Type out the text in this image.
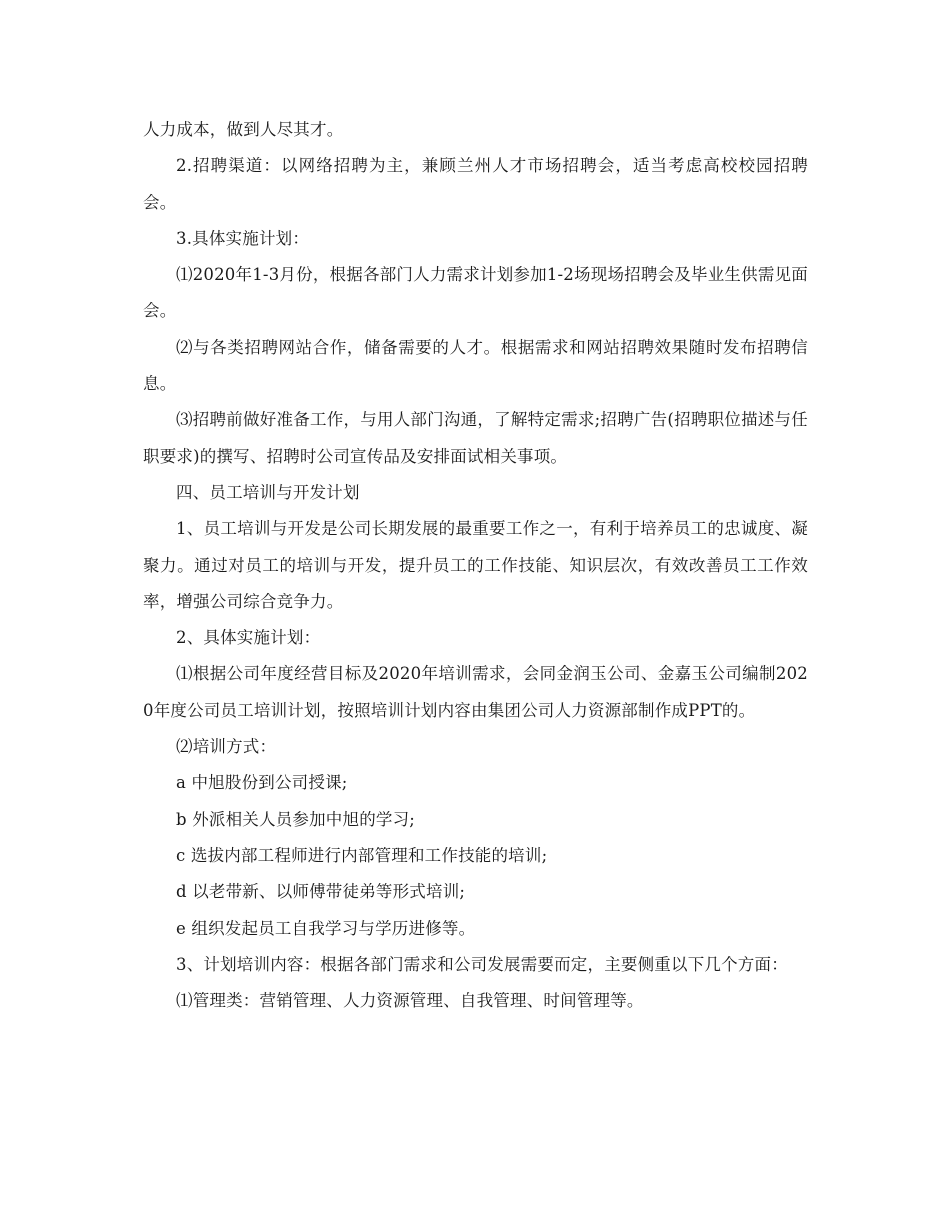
人力成本，做到人尽其才。

2.招聘渠道：以网络招聘为主，兼顾兰州人才市场招聘会，适当考虑高校校园招聘会。

3.具体实施计划：

⑴2020年1-3月份，根据各部门人力需求计划参加1-2场现场招聘会及毕业生供需见面会。

⑵与各类招聘网站合作，储备需要的人才。根据需求和网站招聘效果随时发布招聘信息。

⑶招聘前做好准备工作，与用人部门沟通，了解特定需求;招聘广告(招聘职位描述与任职要求)的撰写、招聘时公司宣传品及安排面试相关事项。

四、员工培训与开发计划

1、员工培训与开发是公司长期发展的最重要工作之一，有利于培养员工的忠诚度、凝聚力。通过对员工的培训与开发，提升员工的工作技能、知识层次，有效改善员工工作效率，增强公司综合竞争力。

2、具体实施计划：

⑴根据公司年度经营目标及2020年培训需求，会同金润玉公司、金嘉玉公司编制2020年度公司员工培训计划，按照培训计划内容由集团公司人力资源部制作成PPT的。

⑵培训方式：

a 中旭股份到公司授课;

b 外派相关人员参加中旭的学习;

c 选拔内部工程师进行内部管理和工作技能的培训;

d 以老带新、以师傅带徒弟等形式培训;

e 组织发起员工自我学习与学历进修等。

3、计划培训内容：根据各部门需求和公司发展需要而定，主要侧重以下几个方面：

⑴管理类：营销管理、人力资源管理、自我管理、时间管理等。
